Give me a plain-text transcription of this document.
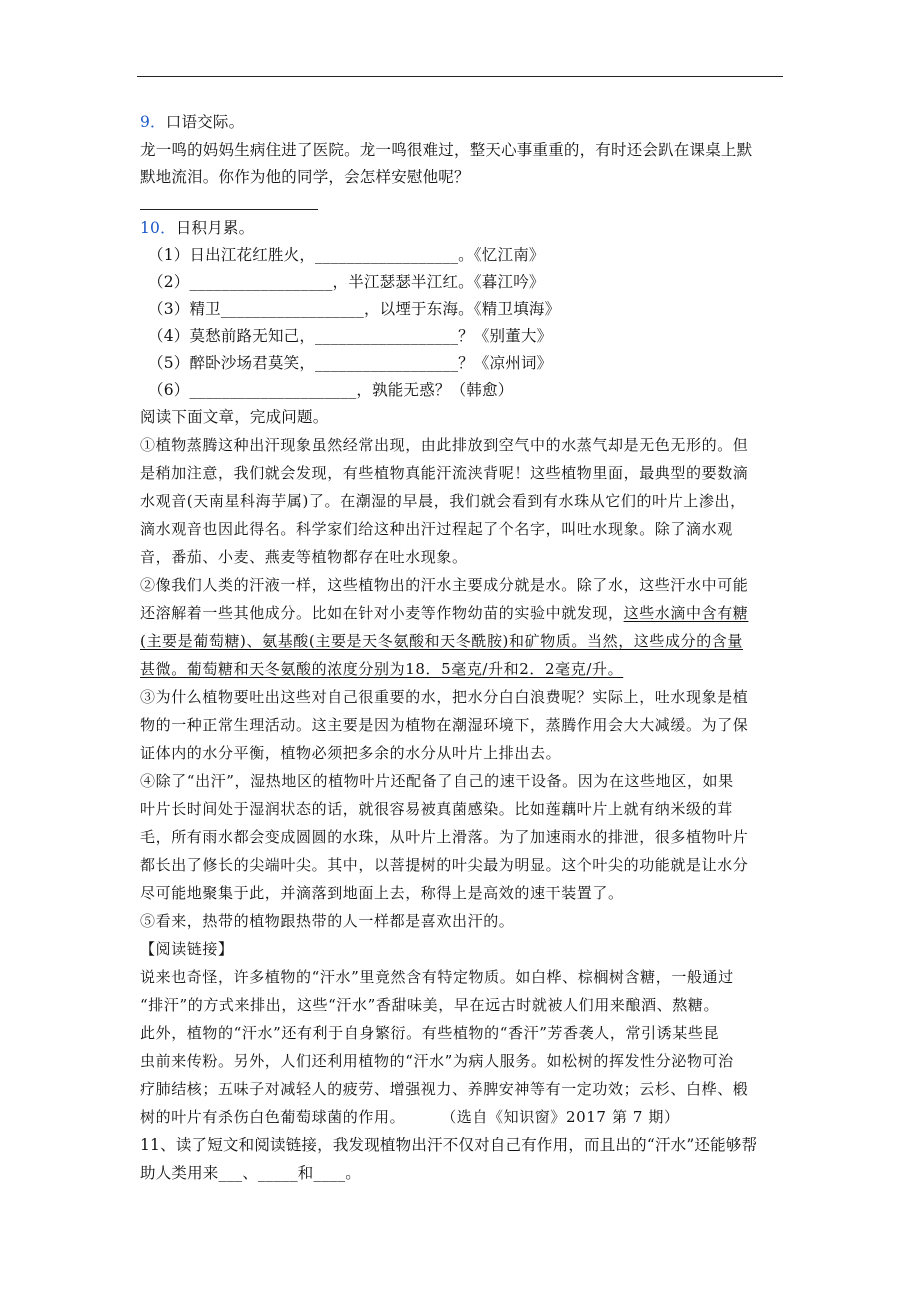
9．口语交际。
龙一鸣的妈妈生病住进了医院。龙一鸣很难过，整天心事重重的，有时还会趴在课桌上默
默地流泪。你作为他的同学，会怎样安慰他呢？
10．日积月累。
（1）日出江花红胜火，__________________。《忆江南》
（2）__________________，半江瑟瑟半江红。《暮江吟》
（3）精卫__________________，以堙于东海。《精卫填海》
（4）莫愁前路无知己，__________________？《别董大》
（5）醉卧沙场君莫笑，__________________？《凉州词》
（6）_____________________，孰能无惑？（韩愈）
阅读下面文章，完成问题。
①植物蒸腾这种出汗现象虽然经常出现，由此排放到空气中的水蒸气却是无色无形的。但
是稍加注意，我们就会发现，有些植物真能汗流浃背呢！这些植物里面，最典型的要数滴
水观音(天南星科海芋属)了。在潮湿的早晨，我们就会看到有水珠从它们的叶片上渗出，
滴水观音也因此得名。科学家们给这种出汗过程起了个名字，叫吐水现象。除了滴水观
音，番茄、小麦、燕麦等植物都存在吐水现象。
②像我们人类的汗液一样，这些植物出的汗水主要成分就是水。除了水，这些汗水中可能
还溶解着一些其他成分。比如在针对小麦等作物幼苗的实验中就发现，这些水滴中含有糖
(主要是葡萄糖)、氨基酸(主要是天冬氨酸和天冬酰胺)和矿物质。当然，这些成分的含量
甚微。葡萄糖和天冬氨酸的浓度分别为18．5毫克/升和2．2毫克/升。
③为什么植物要吐出这些对自己很重要的水，把水分白白浪费呢？实际上，吐水现象是植
物的一种正常生理活动。这主要是因为植物在潮湿环境下，蒸腾作用会大大减缓。为了保
证体内的水分平衡，植物必须把多余的水分从叶片上排出去。
④除了“出汗”，湿热地区的植物叶片还配备了自己的速干设备。因为在这些地区，如果
叶片长时间处于湿润状态的话，就很容易被真菌感染。比如莲藕叶片上就有纳米级的茸
毛，所有雨水都会变成圆圆的水珠，从叶片上滑落。为了加速雨水的排泄，很多植物叶片
都长出了修长的尖端叶尖。其中，以菩提树的叶尖最为明显。这个叶尖的功能就是让水分
尽可能地聚集于此，并滴落到地面上去，称得上是高效的速干装置了。
⑤看来，热带的植物跟热带的人一样都是喜欢出汗的。
【阅读链接】
说来也奇怪，许多植物的“汗水”里竟然含有特定物质。如白桦、棕榈树含糖，一般通过
“排汗”的方式来排出，这些“汗水”香甜味美，早在远古时就被人们用来酿酒、熬糖。
此外，植物的“汗水”还有利于自身繁衍。有些植物的“香汗”芳香袭人，常引诱某些昆
虫前来传粉。另外，人们还利用植物的“汗水”为病人服务。如松树的挥发性分泌物可治
疗肺结核；五味子对减轻人的疲劳、增强视力、养脾安神等有一定功效；云杉、白桦、椴
树的叶片有杀伤白色葡萄球菌的作用。 （选自《知识窗》2017 第 7 期）
11、读了短文和阅读链接，我发现植物出汗不仅对自己有作用，而且出的“汗水”还能够帮
助人类用来___、_____和____。
